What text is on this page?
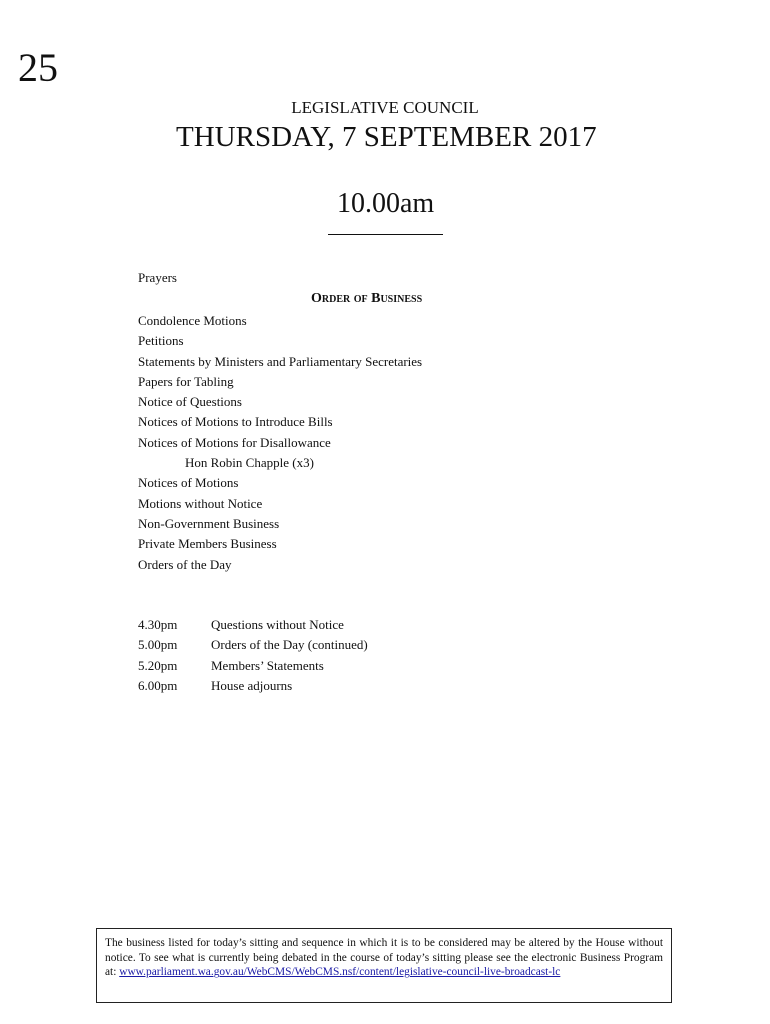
25
LEGISLATIVE COUNCIL
THURSDAY, 7 SEPTEMBER 2017
10.00am
Prayers
Order of Business
Condolence Motions
Petitions
Statements by Ministers and Parliamentary Secretaries
Papers for Tabling
Notice of Questions
Notices of Motions to Introduce Bills
Notices of Motions for Disallowance
Hon Robin Chapple (x3)
Notices of Motions
Motions without Notice
Non-Government Business
Private Members Business
Orders of the Day
4.30pm	Questions without Notice
5.00pm	Orders of the Day (continued)
5.20pm	Members’ Statements
6.00pm	House adjourns
The business listed for today’s sitting and sequence in which it is to be considered may be altered by the House without notice. To see what is currently being debated in the course of today’s sitting please see the electronic Business Program at: www.parliament.wa.gov.au/WebCMS/WebCMS.nsf/content/legislative-council-live-broadcast-lc
